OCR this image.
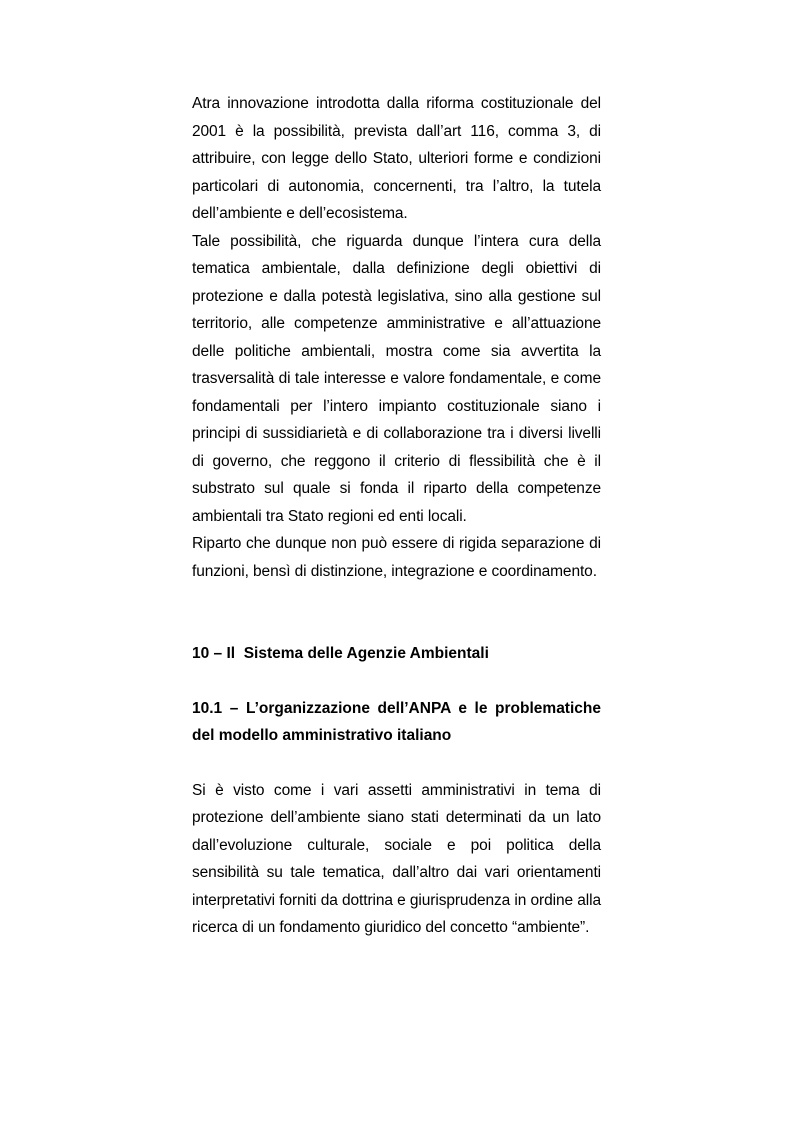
Atra innovazione introdotta dalla riforma costituzionale del 2001 è la possibilità, prevista dall’art 116, comma 3, di attribuire, con legge dello Stato, ulteriori forme e condizioni particolari di autonomia, concernenti, tra l’altro, la tutela dell’ambiente e dell’ecosistema.

Tale possibilità, che riguarda dunque l’intera cura della tematica ambientale, dalla definizione degli obiettivi di protezione e dalla potestà legislativa, sino alla gestione sul territorio, alle competenze amministrative e all’attuazione delle politiche ambientali, mostra come sia avvertita la trasversalità di tale interesse e valore fondamentale, e come fondamentali per l’intero impianto costituzionale siano i principi di sussidiarietà e di collaborazione tra i diversi livelli di governo, che reggono il criterio di flessibilità che è il substrato sul quale si fonda il riparto della competenze ambientali tra Stato regioni ed enti locali.

Riparto che dunque non può essere di rigida separazione di funzioni, bensì di distinzione, integrazione e coordinamento.

10 – Il  Sistema delle Agenzie Ambientali

10.1 – L’organizzazione dell’ANPA e le problematiche del modello amministrativo italiano

Si è visto come i vari assetti amministrativi in tema di protezione dell’ambiente siano stati determinati da un lato dall’evoluzione culturale, sociale e poi politica della sensibilità su tale tematica, dall’altro dai vari orientamenti interpretativi forniti da dottrina e giurisprudenza in ordine alla ricerca di un fondamento giuridico del concetto “ambiente”.
